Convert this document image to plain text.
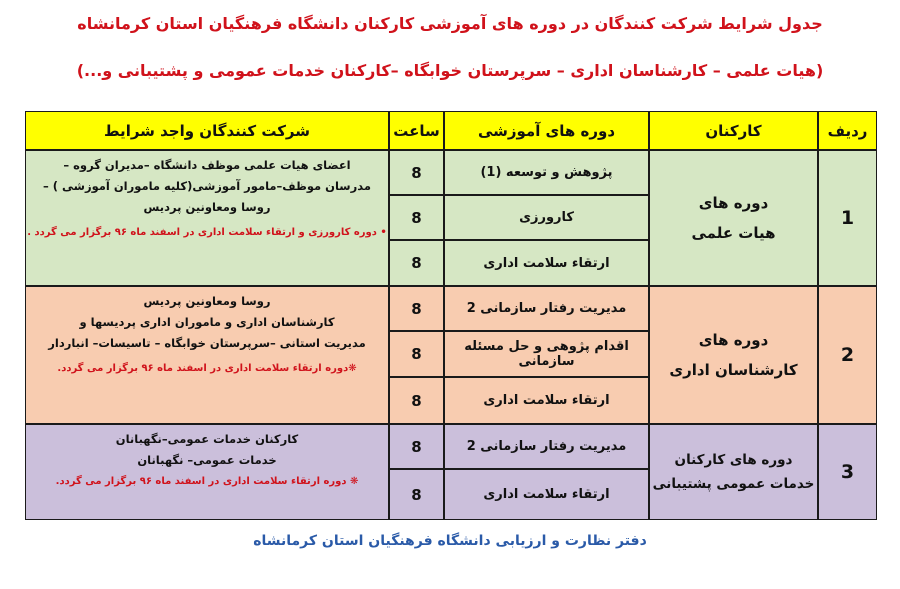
جدول شرایط شرکت کنندگان در دوره های آموزشی کارکنان دانشگاه فرهنگیان استان کرمانشاه
(هیات علمی – کارشناسان اداری – سرپرستان خوابگاه –کارکنان خدمات عمومی و پشتیبانی و...)
ردیف
کارکنان
دوره های آموزشی
ساعت
شرکت کنندگان واجد شرایط
1
دوره های
هیات علمی
پژوهش و توسعه (1)
8
کارورزی
8
ارتقاء سلامت اداری
8
اعضای هیات علمی موظف دانشگاه –مدیران گروه –
مدرسان موظف–مامور آموزشی(کلیه ماموران آموزشی ) –
روسا ومعاونین پردیس
• دوره کارورزی و ارتقاء سلامت اداری در اسفند ماه ۹۶ برگزار می گردد .
2
دوره های
کارشناسان اداری
مدیریت رفتار سازمانی 2
8
اقدام پژوهی و حل مسئله سازمانی
8
ارتقاء سلامت اداری
8
روسا ومعاونین پردیس
کارشناسان اداری و ماموران اداری پردیسها و
مدیریت استانی –سرپرستان خوابگاه – تاسیسات– انباردار
❋دوره ارتقاء سلامت اداری در اسفند ماه ۹۶ برگزار می گردد.
3
دوره های کارکنان
خدمات عمومی پشتیبانی
مدیریت رفتار سازمانی 2
8
ارتقاء سلامت اداری
8
کارکنان خدمات عمومی–نگهبانان
خدمات عمومی– نگهبانان
❋ دوره ارتقاء سلامت اداری در اسفند ماه ۹۶ برگزار می گردد.
دفتر نظارت و ارزیابی دانشگاه فرهنگیان استان کرمانشاه
